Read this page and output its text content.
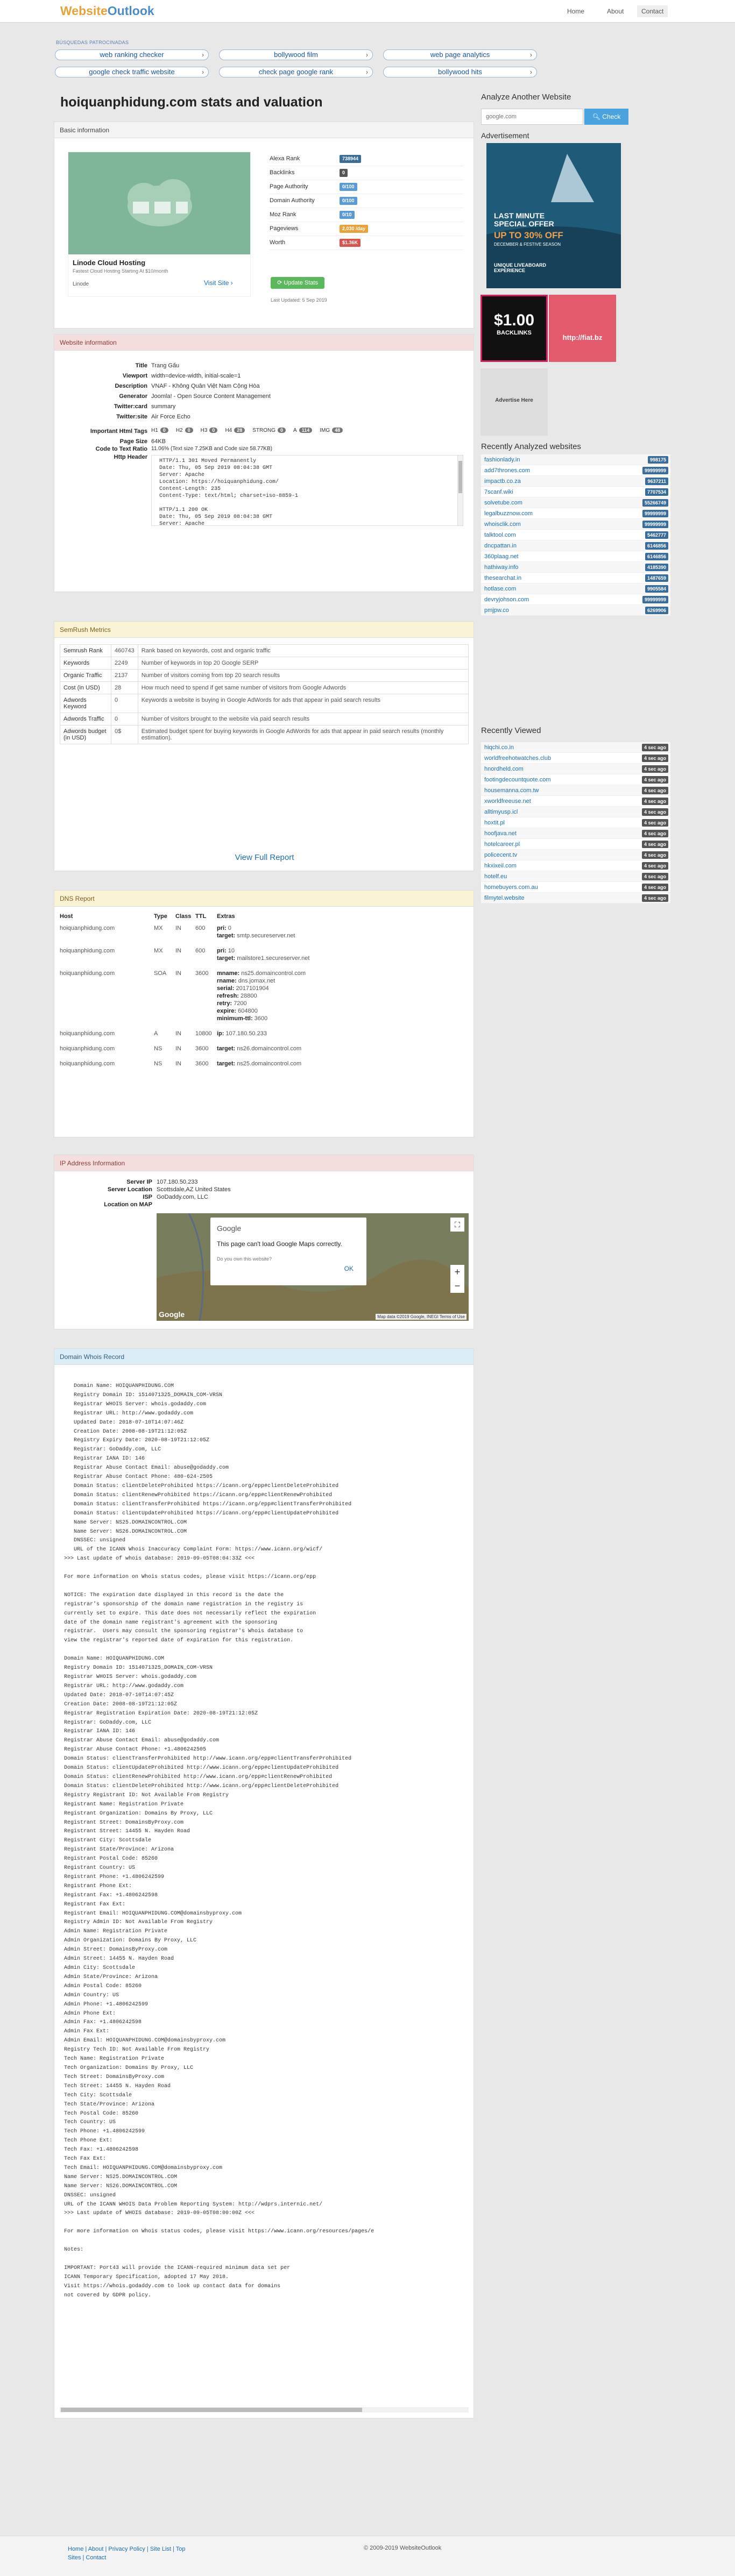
WebsiteOutlook	Home	About	Contact
BÚSQUEDAS PATROCINADAS
web ranking checker	›	bollywood film	›	web page analytics	›
google check traffic website	›	check page google rank	›	bollywood hits	›
hoiquanphidung.com stats and valuation
Basic information
Linode Cloud Hosting
Fastest Cloud Hosting Starting At $10/month
Linode	Visit Site ›
Alexa Rank	738944
Backlinks	0
Page Authority	0/100
Domain Authority	0/100
Moz Rank	0/10
Pageviews	2,030 /day
Worth	$1.36K
⟳ Update Stats
Last Updated: 5 Sep 2019
Website information
Title Trang Gấu
Viewport width=device-width, initial-scale=1
Description VNAF - Không Quân Việt Nam Cộng Hòa
Generator Joomla! - Open Source Content Management
Twitter:card summary
Twitter:site Air Force Echo
Important Html Tags H1 0 H2 0 H3 0 H4 28 STRONG 0 A 114 IMG 48
Page Size 64KB
Code to Text Ratio 11.06% (Text size 7.25KB and Code size 58.77KB)
Http Header
HTTP/1.1 301 Moved Permanently
Date: Thu, 05 Sep 2019 08:04:38 GMT
Server: Apache
Location: https://hoiquanphidung.com/
Content-Length: 235
Content-Type: text/html; charset=iso-8859-1

HTTP/1.1 200 OK
Date: Thu, 05 Sep 2019 08:04:38 GMT
Server: Apache
SemRush Metrics
Semrush Rank	460743	Rank based on keywords, cost and organic traffic
Keywords	2249	Number of keywords in top 20 Google SERP
Organic Traffic	2137	Number of visitors coming from top 20 search results
Cost (in USD)	28	How much need to spend if get same number of visitors from Google Adwords
Adwords Keyword	0	Keywords a website is buying in Google AdWords for ads that appear in paid search results
Adwords Traffic	0	Number of visitors brought to the website via paid search results
Adwords budget (in USD)	0$	Estimated budget spent for buying keywords in Google AdWords for ads that appear in paid search results (monthly estimation).
View Full Report
DNS Report
Host	Type Class TTL Extras
hoiquanphidung.com	MX IN 600 pri: 0
target: smtp.secureserver.net
hoiquanphidung.com	MX IN 600 pri: 10
target: mailstore1.secureserver.net
hoiquanphidung.com	SOA IN 3600 mname: ns25.domaincontrol.com
rname: dns.jomax.net
serial: 2017101904
refresh: 28800
retry: 7200
expire: 604800
minimum-ttl: 3600
hoiquanphidung.com	A	IN 10800 ip: 107.180.50.233
hoiquanphidung.com	NS IN 3600 target: ns26.domaincontrol.com
hoiquanphidung.com	NS IN 3600 target: ns25.domaincontrol.com
IP Address Information
Server IP 107.180.50.233
Server Location Scottsdale,AZ United States
ISP GoDaddy.com, LLC
Location on MAP
Google
This page can't load Google Maps correctly.
Do you own this website?
OK
⛶
+
−
Google	Map data ©2019 Google, INEGI Terms of Use
Domain Whois Record
Domain Name: HOIQUANPHIDUNG.COM
Registry Domain ID: 1514071325_DOMAIN_COM-VRSN
Registrar WHOIS Server: whois.godaddy.com
Registrar URL: http://www.godaddy.com
Updated Date: 2018-07-10T14:07:46Z
Creation Date: 2008-08-19T21:12:05Z
Registry Expiry Date: 2020-08-19T21:12:05Z
Registrar: GoDaddy.com, LLC
Registrar IANA ID: 146
Registrar Abuse Contact Email: abuse@godaddy.com
Registrar Abuse Contact Phone: 480-624-2505
Domain Status: clientDeleteProhibited https://icann.org/epp#clientDeleteProhibited
Domain Status: clientRenewProhibited https://icann.org/epp#clientRenewProhibited
Domain Status: clientTransferProhibited https://icann.org/epp#clientTransferProhibited
Domain Status: clientUpdateProhibited https://icann.org/epp#clientUpdateProhibited
Name Server: NS25.DOMAINCONTROL.COM
Name Server: NS26.DOMAINCONTROL.COM
DNSSEC: unsigned
URL of the ICANN Whois Inaccuracy Complaint Form: https://www.icann.org/wicf/
>>> Last update of whois database: 2019-09-05T08:04:33Z <<<

For more information on Whois status codes, please visit https://icann.org/epp

NOTICE: The expiration date displayed in this record is the date the
registrar's sponsorship of the domain name registration in the registry is
currently set to expire. This date does not necessarily reflect the expiration
date of the domain name registrant's agreement with the sponsoring
registrar.  Users may consult the sponsoring registrar's Whois database to
view the registrar's reported date of expiration for this registration.

Domain Name: HOIQUANPHIDUNG.COM
Registry Domain ID: 1514071325_DOMAIN_COM-VRSN
Registrar WHOIS Server: whois.godaddy.com
Registrar URL: http://www.godaddy.com
Updated Date: 2018-07-10T14:07:45Z
Creation Date: 2008-08-19T21:12:05Z
Registrar Registration Expiration Date: 2020-08-19T21:12:05Z
Registrar: GoDaddy.com, LLC
Registrar IANA ID: 146
Registrar Abuse Contact Email: abuse@godaddy.com
Registrar Abuse Contact Phone: +1.4806242505
Domain Status: clientTransferProhibited http://www.icann.org/epp#clientTransferProhibited
Domain Status: clientUpdateProhibited http://www.icann.org/epp#clientUpdateProhibited
Domain Status: clientRenewProhibited http://www.icann.org/epp#clientRenewProhibited
Domain Status: clientDeleteProhibited http://www.icann.org/epp#clientDeleteProhibited
Registry Registrant ID: Not Available From Registry
Registrant Name: Registration Private
Registrant Organization: Domains By Proxy, LLC
Registrant Street: DomainsByProxy.com
Registrant Street: 14455 N. Hayden Road
Registrant City: Scottsdale
Registrant State/Province: Arizona
Registrant Postal Code: 85260
Registrant Country: US
Registrant Phone: +1.4806242599
Registrant Phone Ext:
Registrant Fax: +1.4806242598
Registrant Fax Ext:
Registrant Email: HOIQUANPHIDUNG.COM@domainsbyproxy.com
Registry Admin ID: Not Available From Registry
Admin Name: Registration Private
Admin Organization: Domains By Proxy, LLC
Admin Street: DomainsByProxy.com
Admin Street: 14455 N. Hayden Road
Admin City: Scottsdale
Admin State/Province: Arizona
Admin Postal Code: 85260
Admin Country: US
Admin Phone: +1.4806242599
Admin Phone Ext:
Admin Fax: +1.4806242598
Admin Fax Ext:
Admin Email: HOIQUANPHIDUNG.COM@domainsbyproxy.com
Registry Tech ID: Not Available From Registry
Tech Name: Registration Private
Tech Organization: Domains By Proxy, LLC
Tech Street: DomainsByProxy.com
Tech Street: 14455 N. Hayden Road
Tech City: Scottsdale
Tech State/Province: Arizona
Tech Postal Code: 85260
Tech Country: US
Tech Phone: +1.4806242599
Tech Phone Ext:
Tech Fax: +1.4806242598
Tech Fax Ext:
Tech Email: HOIQUANPHIDUNG.COM@domainsbyproxy.com
Name Server: NS25.DOMAINCONTROL.COM
Name Server: NS26.DOMAINCONTROL.COM
DNSSEC: unsigned
URL of the ICANN WHOIS Data Problem Reporting System: http://wdprs.internic.net/
>>> Last update of WHOIS database: 2019-09-05T08:00:00Z <<<

For more information on Whois status codes, please visit https://www.icann.org/resources/pages/e

Notes:

IMPORTANT: Port43 will provide the ICANN-required minimum data set per
ICANN Temporary Specification, adopted 17 May 2018.
Visit https://whois.godaddy.com to look up contact data for domains
not covered by GDPR policy.
Analyze Another Website
google.com
🔍︎ Check
Advertisement
LAST MINUTE SPECIAL OFFER
UP TO 30% OFF
DECEMBER & FESTIVE SEASON
UNIQUE LIVEABOARD EXPERIENCE
$1.00
BACKLINKS
http://fiat.bz
Advertise Here
Recently Analyzed websites
fashionlady.in	998175
add7thrones.com	99999999
impactb.co.za	9637211
7scanf.wiki	7707534
solvetube.com	55266749
legalbuzznow.com	99999999
whoisclik.com	99999999
talktool.com	5462777
dncpattan.in	6146856
360plaag.net	6146856
hathiway.info	4185390
thesearchat.in	1487659
hotlase.com	9905584
devryjohson.com	99999999
pmjpw.co	6269906
Recently Viewed
hiqchi.co.in	4 sec ago
worldfreehotwatches.club	4 sec ago
hnordheld.com	4 sec ago
footingdecountquote.com	4 sec ago
housemanna.com.tw	4 sec ago
xworldfreeuse.net	4 sec ago
alltimyusp.icl	4 sec ago
hoxtit.pl	4 sec ago
hoofjava.net	4 sec ago
hotelcareer.pl	4 sec ago
policecent.tv	4 sec ago
hkxixeil.com	4 sec ago
hotelf.eu	4 sec ago
homebuyers.com.au	4 sec ago
filmytel.website	4 sec ago
Home | About | Privacy Policy | Site List | Top Sites | Contact
© 2009-2019 WebsiteOutlook
